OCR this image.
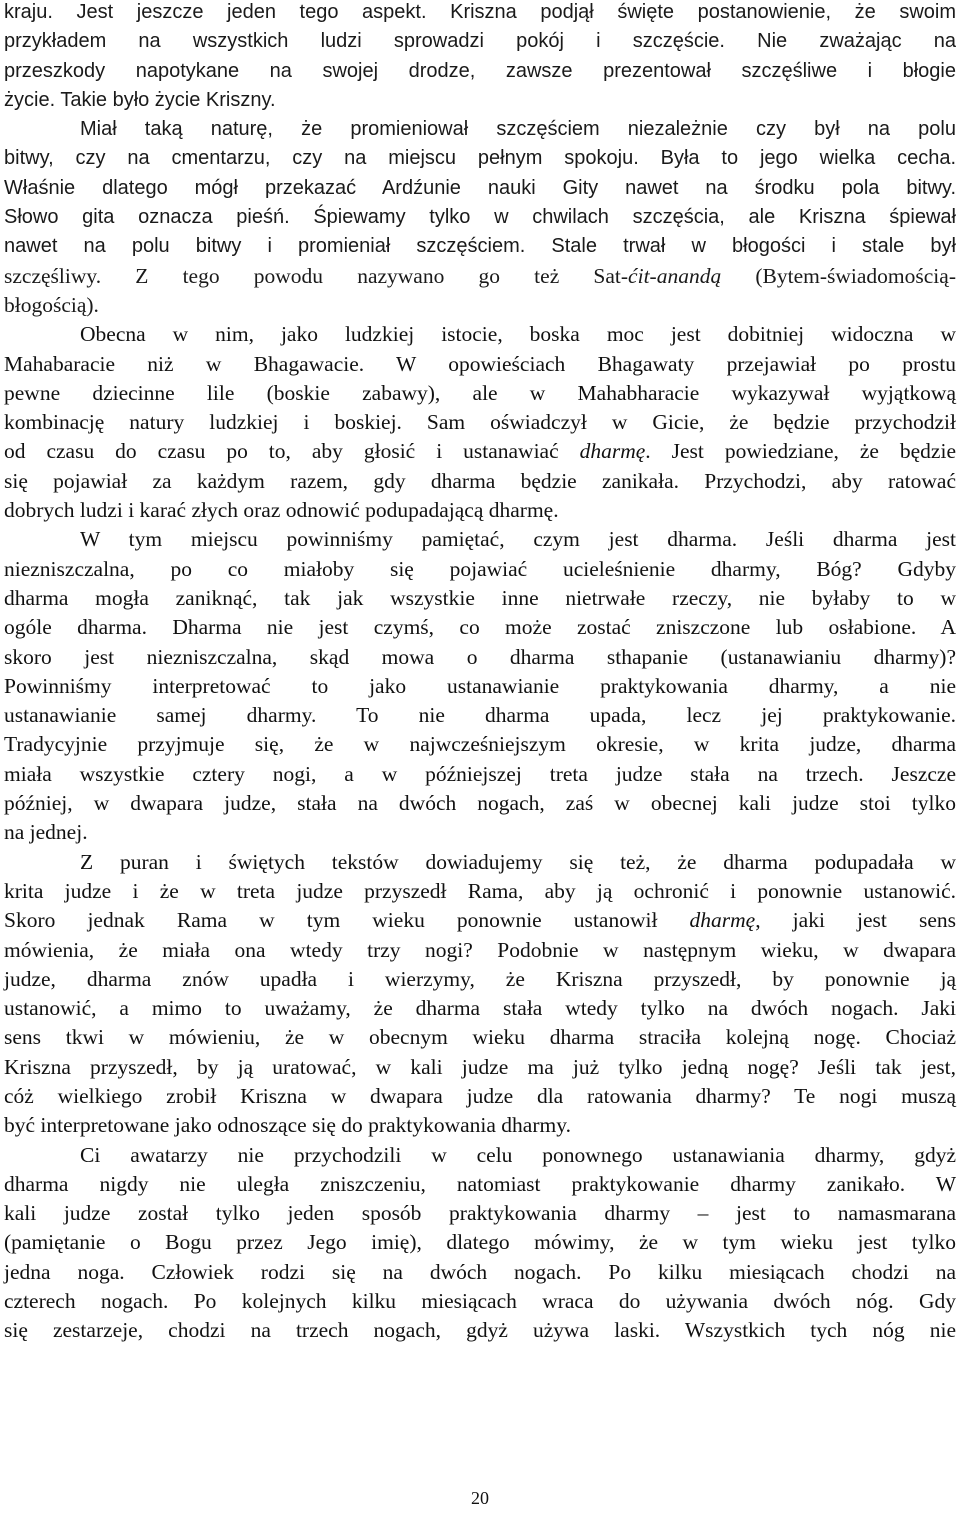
kraju. Jest jeszcze jeden tego aspekt. Kriszna podjął święte postanowienie, że swoim
przykładem na wszystkich ludzi sprowadzi pokój i szczęście. Nie zważając na
przeszkody napotykane na swojej drodze, zawsze prezentował szczęśliwe i błogie
życie. Takie było życie Kriszny.

Miał taką naturę, że promieniował szczęściem niezależnie czy był na polu
bitwy, czy na cmentarzu, czy na miejscu pełnym spokoju. Była to jego wielka cecha.
Właśnie dlatego mógł przekazać Ardźunie nauki Gity nawet na środku pola bitwy.
Słowo gita oznacza pieśń. Śpiewamy tylko w chwilach szczęścia, ale Kriszna śpiewał
nawet na polu bitwy i promieniał szczęściem. Stale trwał w błogości i stale był
szczęśliwy. Z tego powodu nazywano go też Sat-ćit-anandą (Bytem-świadomością-
błogością).

Obecna w nim, jako ludzkiej istocie, boska moc jest dobitniej widoczna w
Mahabaracie niż w Bhagawacie. W opowieściach Bhagawaty przejawiał po prostu
pewne dziecinne lile (boskie zabawy), ale w Mahabharacie wykazywał wyjątkową
kombinację natury ludzkiej i boskiej. Sam oświadczył w Gicie, że będzie przychodził
od czasu do czasu po to, aby głosić i ustanawiać dharmę. Jest powiedziane, że będzie
się pojawiał za każdym razem, gdy dharma będzie zanikała. Przychodzi, aby ratować
dobrych ludzi i karać złych oraz odnowić podupadającą dharmę.

W tym miejscu powinniśmy pamiętać, czym jest dharma. Jeśli dharma jest
niezniszczalna, po co miałoby się pojawiać ucieleśnienie dharmy, Bóg? Gdyby
dharma mogła zaniknąć, tak jak wszystkie inne nietrwałe rzeczy, nie byłaby to w
ogóle dharma. Dharma nie jest czymś, co może zostać zniszczone lub osłabione. A
skoro jest niezniszczalna, skąd mowa o dharma sthapanie (ustanawianiu dharmy)?
Powinniśmy interpretować to jako ustanawianie praktykowania dharmy, a nie
ustanawianie samej dharmy. To nie dharma upada, lecz jej praktykowanie.
Tradycyjnie przyjmuje się, że w najwcześniejszym okresie, w krita judze, dharma
miała wszystkie cztery nogi, a w późniejszej treta judze stała na trzech. Jeszcze
później, w dwapara judze, stała na dwóch nogach, zaś w obecnej kali judze stoi tylko
na jednej.

Z puran i świętych tekstów dowiadujemy się też, że dharma podupadała w
krita judze i że w treta judze przyszedł Rama, aby ją ochronić i ponownie ustanowić.
Skoro jednak Rama w tym wieku ponownie ustanowił dharmę, jaki jest sens
mówienia, że miała ona wtedy trzy nogi? Podobnie w następnym wieku, w dwapara
judze, dharma znów upadła i wierzymy, że Kriszna przyszedł, by ponownie ją
ustanowić, a mimo to uważamy, że dharma stała wtedy tylko na dwóch nogach. Jaki
sens tkwi w mówieniu, że w obecnym wieku dharma straciła kolejną nogę. Chociaż
Kriszna przyszedł, by ją uratować, w kali judze ma już tylko jedną nogę? Jeśli tak jest,
cóż wielkiego zrobił Kriszna w dwapara judze dla ratowania dharmy? Te nogi muszą
być interpretowane jako odnoszące się do praktykowania dharmy.

Ci awatarzy nie przychodzili w celu ponownego ustanawiania dharmy, gdyż
dharma nigdy nie uległa zniszczeniu, natomiast praktykowanie dharmy zanikało. W
kali judze został tylko jeden sposób praktykowania dharmy – jest to namasmarana
(pamiętanie o Bogu przez Jego imię), dlatego mówimy, że w tym wieku jest tylko
jedna noga. Człowiek rodzi się na dwóch nogach. Po kilku miesiącach chodzi na
czterech nogach. Po kolejnych kilku miesiącach wraca do używania dwóch nóg. Gdy
się zestarzeje, chodzi na trzech nogach, gdyż używa laski. Wszystkich tych nóg nie

20
